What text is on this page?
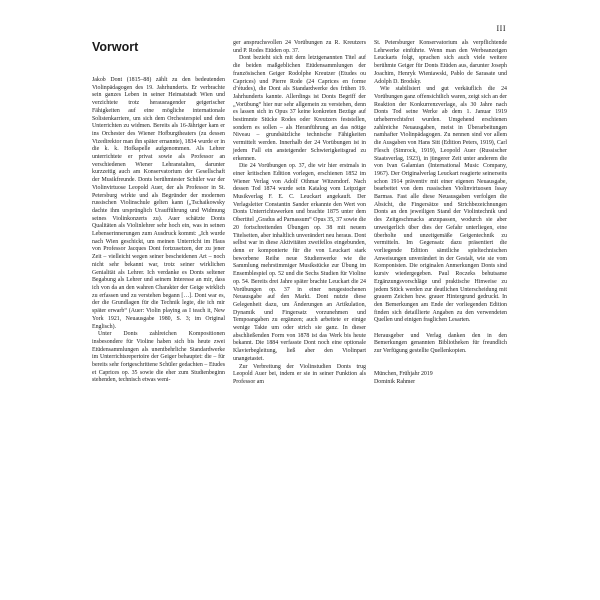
III
Vorwort

Jakob Dont (1815–88) zählt zu den bedeutenden Violinpädagogen des 19. Jahrhunderts. Er verbrachte sein ganzes Leben in seiner Heimatstadt Wien und verzichtete trotz herausragender geigerischer Fähigkeiten auf eine mögliche internationale Solistenkarriere, um sich dem Orchesterspiel und dem Unterrichten zu widmen. Bereits als 16-Jähriger kam er ins Orchester des Wiener Hofburgtheaters (zu dessen Vizedirektor man ihn später ernannte), 1834 wurde er in die k. k. Hofkapelle aufgenommen. Als Lehrer unterrichtete er privat sowie als Professor an verschiedenen Wiener Lehranstalten, darunter kurzzeitig auch am Konservatorium der Gesellschaft der Musikfreunde. Donts berühmtester Schüler war der Violinvirtuose Leopold Auer, der als Professor in St. Petersburg wirkte und als Begründer der modernen russischen Violinschule gelten kann („Tschaikowsky dachte ihm ursprünglich Uraufführung und Widmung seines Violinkonzerts zu). Auer schätzte Donts Qualitäten als Violinlehrer sehr hoch ein, was in seinen Lebenserinnerungen zum Ausdruck kommt: „Ich wurde nach Wien geschickt, um meinen Unterricht im Haus von Professor Jacques Dont fortzusetzen, der zu jener Zeit – vielleicht wegen seiner bescheidenen Art – noch nicht sehr bekannt war, trotz seiner wirklichen Genialität als Lehrer. Ich verdanke es Donts seltener Begabung als Lehrer und seinem Interesse an mir, dass ich von da an den wahren Charakter der Geige wirklich zu erfassen und zu verstehen begann […]. Dont war es, der die Grundlagen für die Technik legte, die ich mir später erwarb“ (Auer: Violin playing as I teach it, New York 1921, Neuausgabe 1980, S. 3; im Original Englisch).

Unter Donts zahlreichen Kompositionen insbesondere für Violine haben sich bis heute zwei Etüdensammlungen als unentbehrliche Standardwerke im Unterrichtsrepertoire der Geiger behauptet: die – für bereits sehr fortgeschrittene Schüler gedachten – Etudes et Caprices op. 35 sowie die eher zum Studienbeginn stehenden, technisch etwas weni-

ger anspruchsvollen 24 Vorübungen zu R. Kreutzers und P. Rodes Etüden op. 37.

Dont bezieht sich mit dem letztgenannten Titel auf die beiden maßgeblichen Etüdensammlungen der französischen Geiger Rodolphe Kreutzer (Etudes ou Caprices) und Pierre Rode (24 Caprices en forme d’études), die Dont als Standardwerke des frühen 19. Jahrhunderts kannte. Allerdings ist Donts Begriff der „Vorübung“ hier nur sehr allgemein zu verstehen, denn es lassen sich in Opus 37 keine konkreten Bezüge auf bestimmte Stücke Rodes oder Kreutzers feststellen, sondern es sollen – als Heranführung an das nötige Niveau – grundsätzliche technische Fähigkeiten vermittelt werden. Innerhalb der 24 Vorübungen ist in jedem Fall ein ansteigender Schwierigkeitsgrad zu erkennen.

Die 24 Vorübungen op. 37, die wir hier erstmals in einer kritischen Edition vorlegen, erschienen 1852 im Wiener Verlag von Adolf Othmar Witzendorf. Nach dessen Tod 1874 wurde sein Katalog vom Leipziger Musikverlag F. E. C. Leuckart angekauft. Der Verlagsleiter Constantin Sander erkannte den Wert von Donts Unterrichtswerken und brachte 1875 unter dem Obertitel „Gradus ad Parnassum“ Opus 35, 37 sowie die 20 fortschreitenden Übungen op. 38 mit neuem Titelseiten, aber inhaltlich unverändert neu heraus. Dont selbst war in diese Aktivitäten zweifellos eingebunden, denn er komponierte für die von Leuckart stark beworbene Reihe neue Studienwerke wie die Sammlung mehrstimmiger Musikstücke zur Übung im Ensemblespiel op. 52 und die Sechs Studien für Violine op. 54. Bereits drei Jahre später brachte Leuckart die 24 Vorübungen op. 37 in einer neugestochenen Neuausgabe auf den Markt. Dont nutzte diese Gelegenheit dazu, um Änderungen an Artikulation, Dynamik und Fingersatz vorzunehmen und Tempoangaben zu ergänzen; auch arbeitete er einige wenige Takte um oder strich sie ganz. In dieser abschließenden Form von 1878 ist das Werk bis heute bekannt. Die 1884 verfasste Dont noch eine optionale Klavierbegleitung, ließ aber den Violinpart unangetastet.

Zur Verbreitung der Violinstudien Donts trug Leopold Auer bei, indem er sie in seiner Funktion als Professor am

St. Petersburger Konservatorium als verpflichtende Lehrwerke einführte. Wenn man den Werbeanzeigen Leuckarts folgt, sprachen sich auch viele weitere berühmte Geiger für Donts Etüden aus, darunter Joseph Joachim, Henryk Wieniawski, Pablo de Sarasate und Adolph D. Brodsky.

Wie stabilisiert und gut verkäuflich die 24 Vorübungen ganz offensichtlich waren, zeigt sich an der Reaktion der Konkurrenzverlage, als 30 Jahre nach Donts Tod seine Werke ab dem 1. Januar 1919 urheberrechtsfrei wurden. Umgehend erschienen zahlreiche Neuausgaben, meist in Überarbeitungen namhafter Violinpädagogen. Zu nennen sind vor allem die Ausgaben von Hans Sitt (Edition Peters, 1919), Carl Flesch (Simrock, 1919), Leopold Auer (Russischer Staatsverlag, 1923), in jüngerer Zeit unter anderem die von Ivan Galamian (International Music Company, 1967). Der Originalverlag Leuckart reagierte seinerseits schon 1914 präventiv mit einer eigenen Neuausgabe, bearbeitet von dem russischen Violinvirtuosen Issay Barmas. Fast alle diese Neuausgaben verfolgen die Absicht, die Fingersätze und Strichbezeichnungen Donts an den jeweiligen Stand der Violintechnik und des Zeitgeschmacks anzupassen, wodurch sie aber unweigerlich über dies der Gefahr unterliegen, eine überholte und unzeitgemäße Geigentechnik zu vermitteln. Im Gegensatz dazu präsentiert die vorliegende Edition sämtliche spieltechnischen Anweisungen unverändert in der Gestalt, wie sie vom Komponisten. Die originalen Anmerkungen Donts sind kursiv wiedergegeben. Paul Roczeks behutsame Ergänzungsvorschläge und praktische Hinweise zu jedem Stück werden zur deutlichen Unterscheidung mit grauem Zeichen bzw. grauer Hintergrund gedruckt. In den Bemerkungen am Ende der vorliegenden Edition finden sich detaillierte Angaben zu den verwendeten Quellen und einigen fraglichen Lesarten.

Herausgeber und Verlag danken den in den Bemerkungen genannten Bibliotheken für freundlich zur Verfügung gestellte Quellenkopien.

München, Frühjahr 2019

Dominik Rahmer
